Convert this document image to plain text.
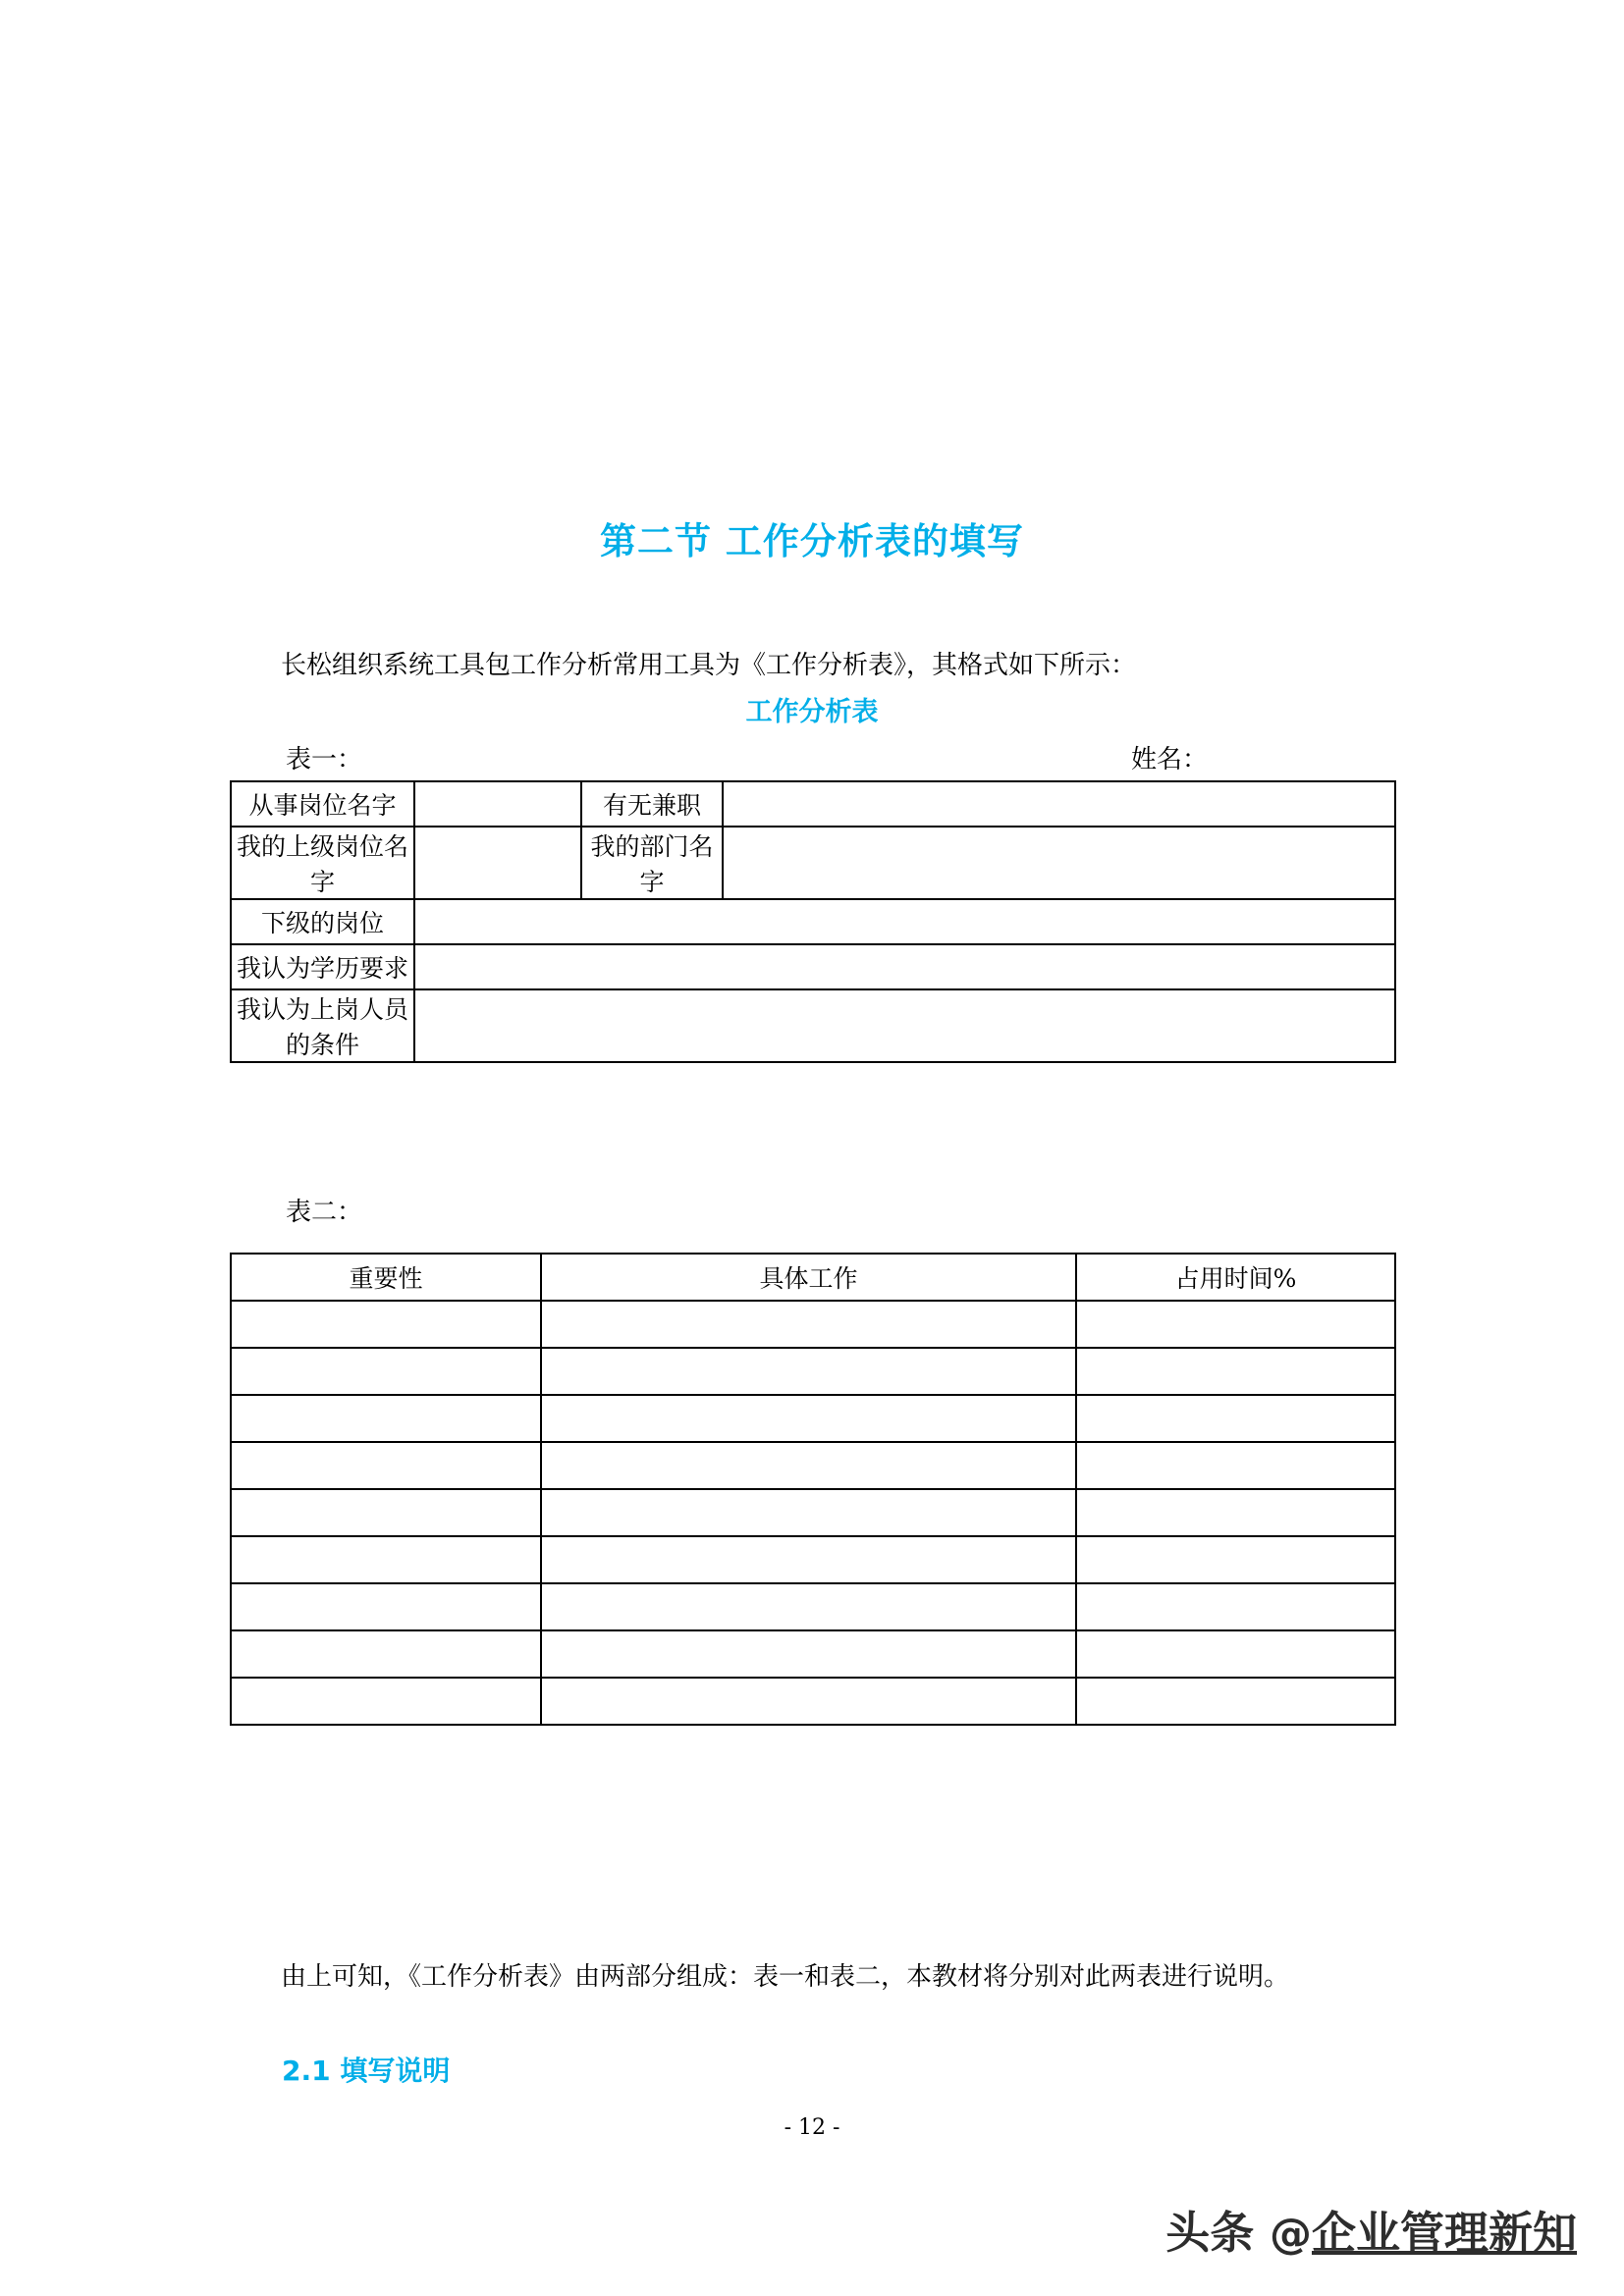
第二节 工作分析表的填写

长松组织系统工具包工作分析常用工具为《工作分析表》，其格式如下所示：

工作分析表
表一：	姓名：
从事岗位名字		有无兼职	
我的上级岗位名字		我的部门名字	
下级的岗位			
我认为学历要求			
我认为上岗人员的条件			
表二：
重要性	具体工作	占用时间%

由上可知，《工作分析表》由两部分组成：表一和表二，本教材将分别对此两表进行说明。

2.1 填写说明
- 12 -
头条 @企业管理新知
